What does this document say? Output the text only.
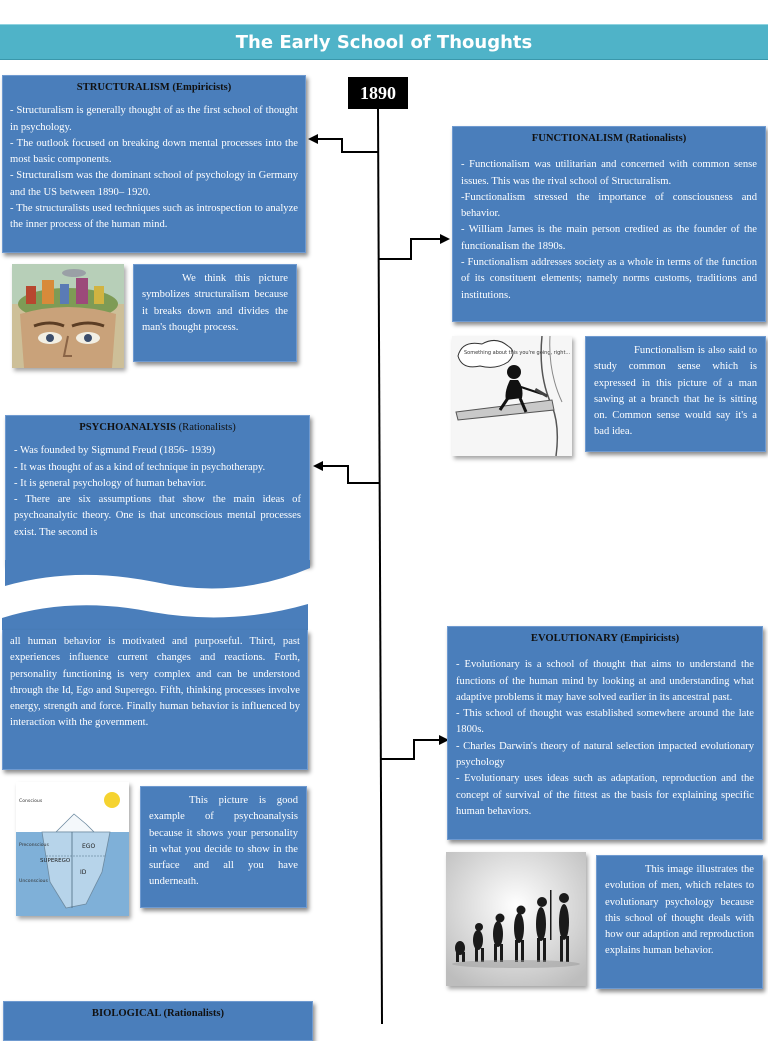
The Early School of Thoughts
1890
STRUCTURALISM (Empiricists)

- Structuralism is generally thought of as the first school of thought in psychology.

- The outlook focused on breaking down mental processes into the most basic components.

- Structuralism was the dominant school of psychology in Germany and the US between 1890– 1920.

- The structuralists used techniques such as introspection to analyze the inner process of the human mind.

We think this picture symbolizes structuralism because it breaks down and divides the man's thought process.
FUNCTIONALISM (Rationalists)

- Functionalism was utilitarian and concerned with common sense issues. This was the rival school of Structuralism.

-Functionalism stressed the importance of consciousness and behavior.

- William James is the main person credited as the founder of the functionalism the 1890s.

- Functionalism addresses society as a whole in terms of the function of its constituent elements; namely norms customs, traditions and institutions.

Something about this you're going, right...	Functionalism is also said to study common sense which is expressed in this picture of a man sawing at a branch that he is sitting on. Common sense would say it's a bad idea.
PSYCHOANALYSIS (Rationalists)

- Was founded by Sigmund Freud (1856- 1939)

- It was thought of as a kind of technique in psychotherapy.

- It is general psychology of human behavior.

- There are six assumptions that show the main ideas of psychoanalytic theory. One is that unconscious mental processes exist. The second is

all human behavior is motivated and purposeful. Third, past experiences influence current changes and reactions. Forth, personality functioning is very complex and can be understood through the Id, Ego and Superego. Fifth, thinking processes involve energy, strength and force. Finally human behavior is influenced by interaction with the government.

Conscious
Preconscious
Unconscious
EGO
SUPEREGO
ID
This picture is good example of psychoanalysis because it shows your personality in what you decide to show in the surface and all you have underneath.
EVOLUTIONARY (Empiricists)

- Evolutionary is a school of thought that aims to understand the functions of the human mind by looking at and understanding what adaptive problems it may have solved earlier in its ancestral past.

- This school of thought was established somewhere around the late 1800s.

- Charles Darwin's theory of natural selection impacted evolutionary psychology

- Evolutionary uses ideas such as adaptation, reproduction and the concept of survival of the fittest as the basis for explaining specific human behaviors.

This image illustrates the evolution of men, which relates to evolutionary psychology because this school of thought deals with how our adaption and reproduction explains human behavior.
BIOLOGICAL (Rationalists)
